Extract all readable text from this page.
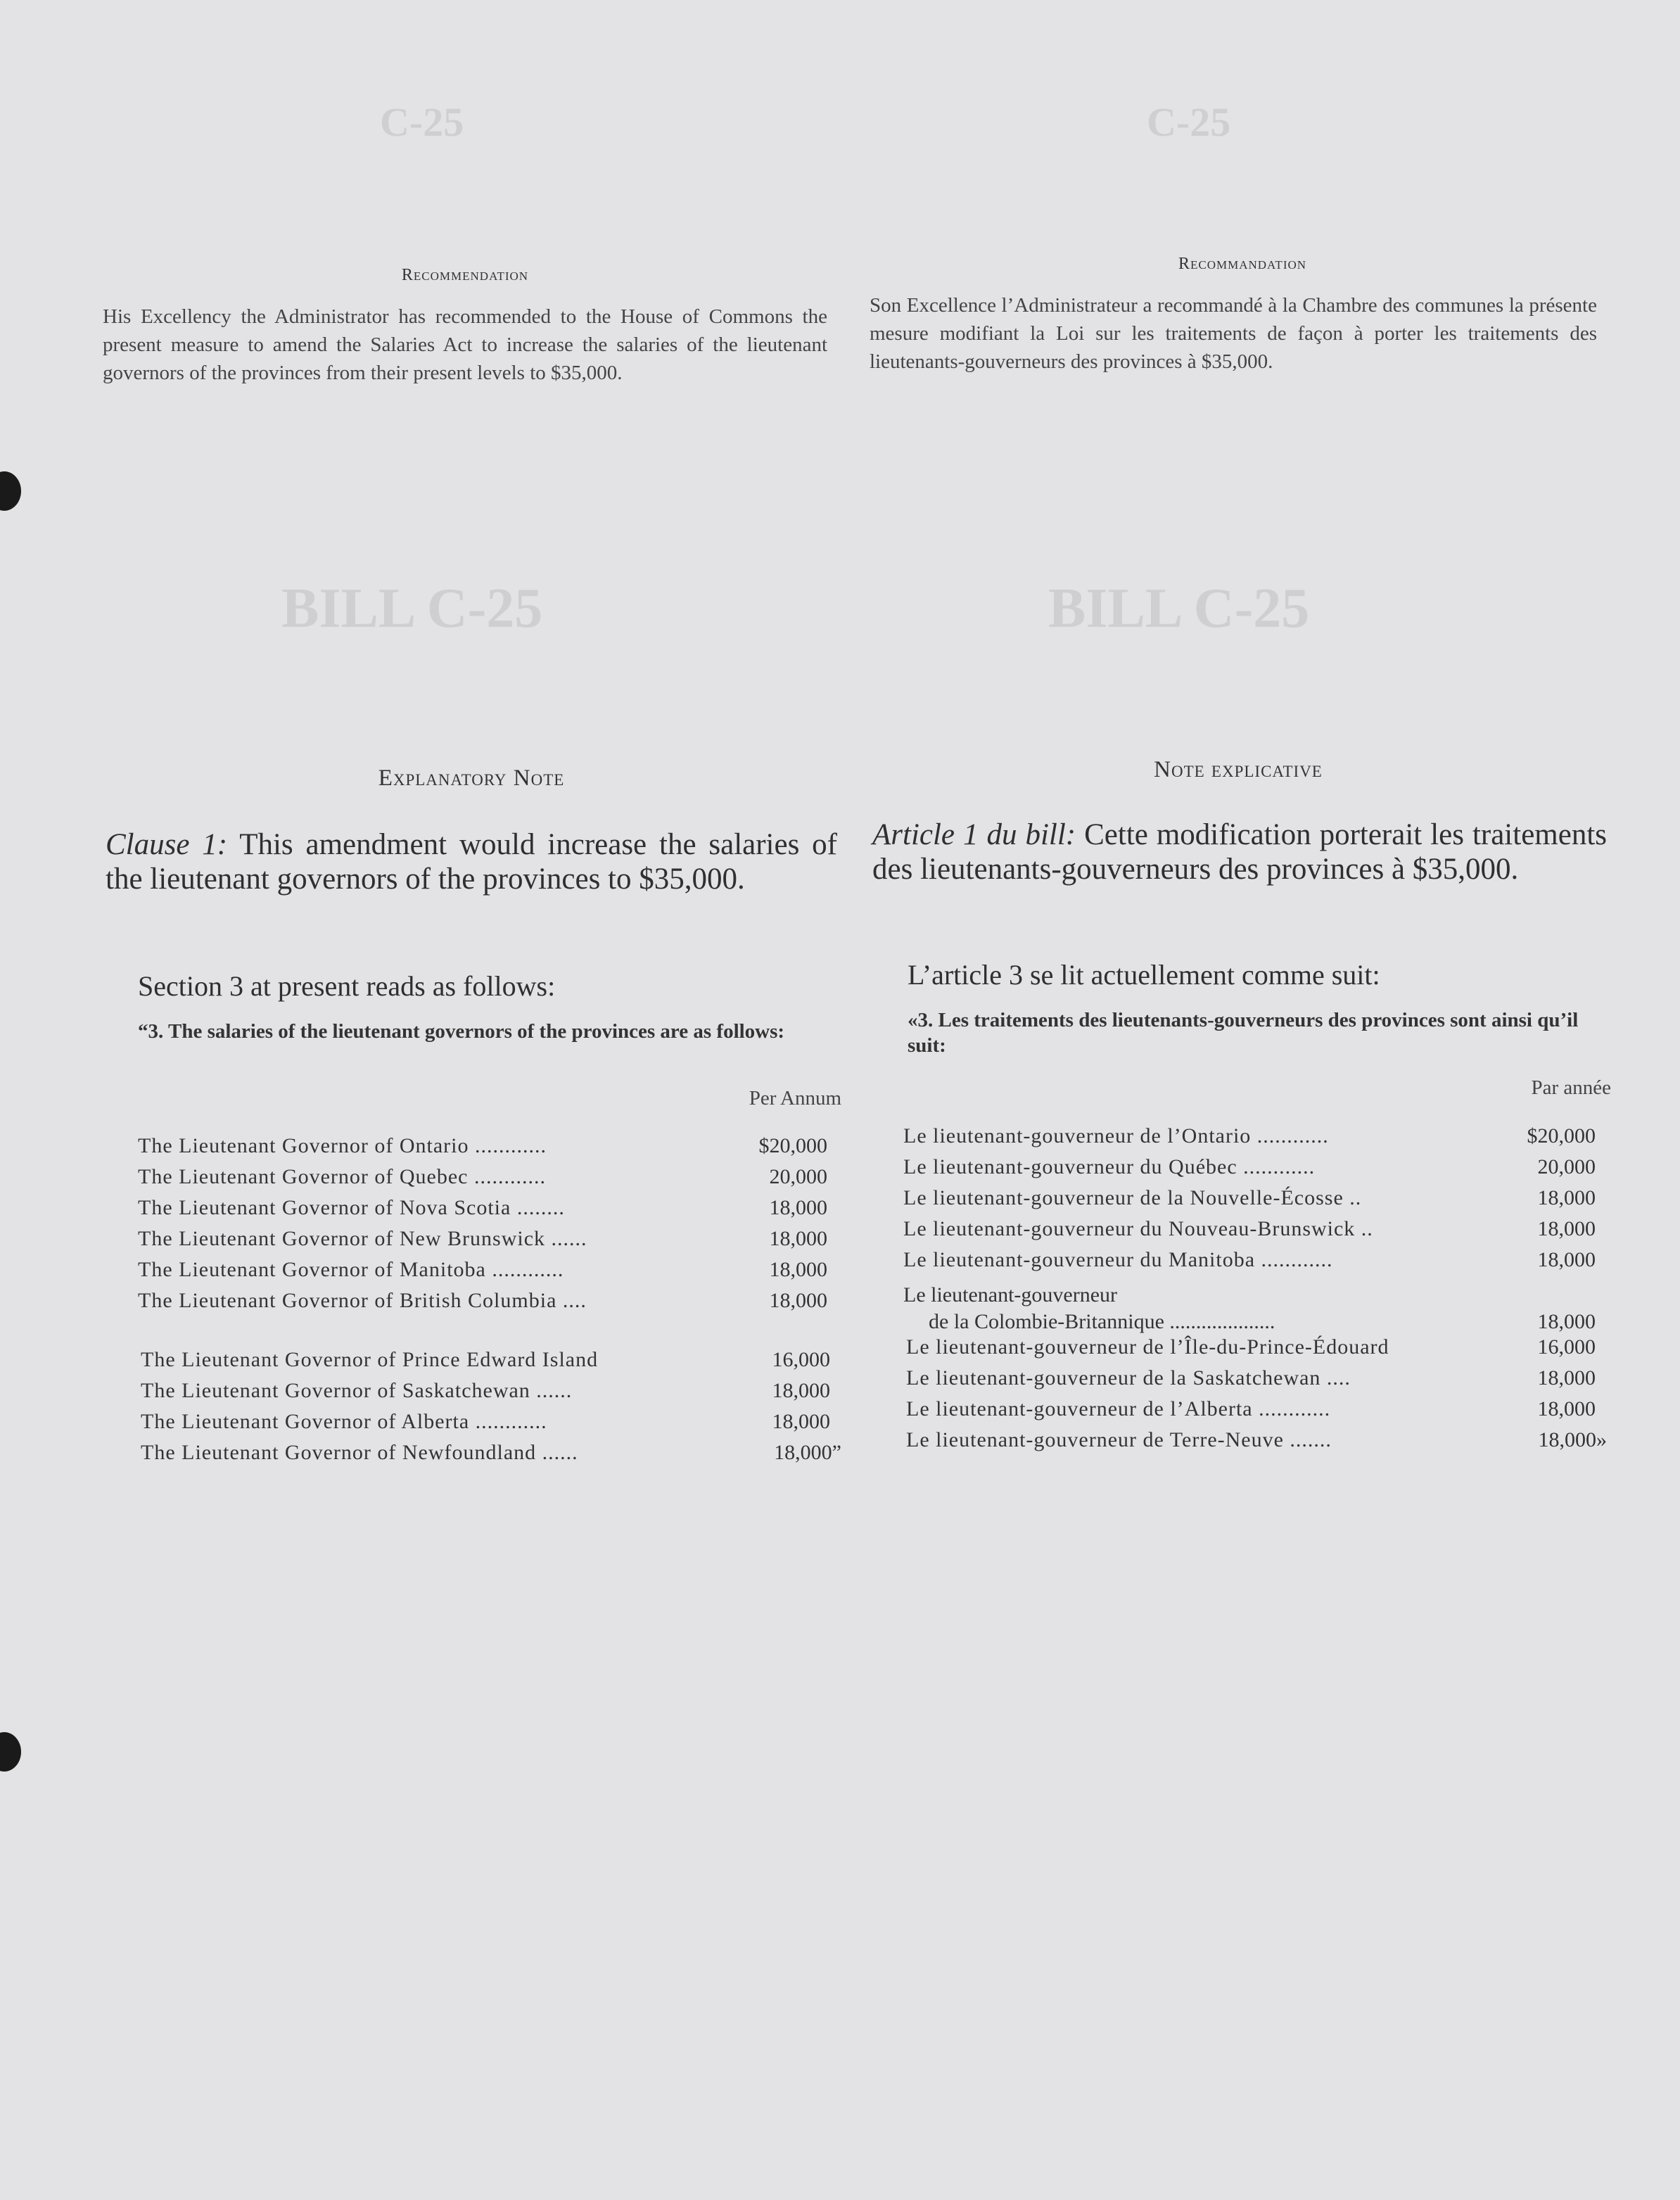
C-25	C-25
BILL C-25	BILL C-25
Recommendation
His Excellency the Administrator has recommended to the House of Commons the present measure to amend the Salaries Act to increase the salaries of the lieutenant governors of the provinces from their present levels to $35,000.
Explanatory Note
Clause 1: This amendment would increase the salaries of the lieutenant governors of the provinces to $35,000.
Section 3 at present reads as follows:
“3. The salaries of the lieutenant governors of the provinces are as follows:
Per Annum
The Lieutenant Governor of Ontario ............	$20,000
The Lieutenant Governor of Quebec ............	20,000
The Lieutenant Governor of Nova Scotia ........	18,000
The Lieutenant Governor of New Brunswick ......	18,000
The Lieutenant Governor of Manitoba ............	18,000
The Lieutenant Governor of British Columbia ....	18,000
The Lieutenant Governor of Prince Edward Island	16,000
The Lieutenant Governor of Saskatchewan ......	18,000
The Lieutenant Governor of Alberta ............	18,000
The Lieutenant Governor of Newfoundland ......	18,000”
Recommandation
Son Excellence l’Administrateur a recommandé à la Chambre des communes la présente mesure modifiant la Loi sur les traitements de façon à porter les traitements des lieutenants-gouverneurs des provinces à $35,000.
Note explicative
Article 1 du bill: Cette modification porterait les traitements des lieutenants-gouverneurs des provinces à $35,000.
L’article 3 se lit actuellement comme suit:
«3. Les traitements des lieutenants-gouverneurs des provinces sont ainsi qu’il suit:
Par année
Le lieutenant-gouverneur de l’Ontario ............	$20,000
Le lieutenant-gouverneur du Québec ............	20,000
Le lieutenant-gouverneur de la Nouvelle-Écosse ..	18,000
Le lieutenant-gouverneur du Nouveau-Brunswick ..	18,000
Le lieutenant-gouverneur du Manitoba ............	18,000
Le lieutenant-gouverneur
de la Colombie-Britannique ....................	18,000
Le lieutenant-gouverneur de l’Île-du-Prince-Édouard	16,000
Le lieutenant-gouverneur de la Saskatchewan ....	18,000
Le lieutenant-gouverneur de l’Alberta ............	18,000
Le lieutenant-gouverneur de Terre-Neuve .......	18,000»
